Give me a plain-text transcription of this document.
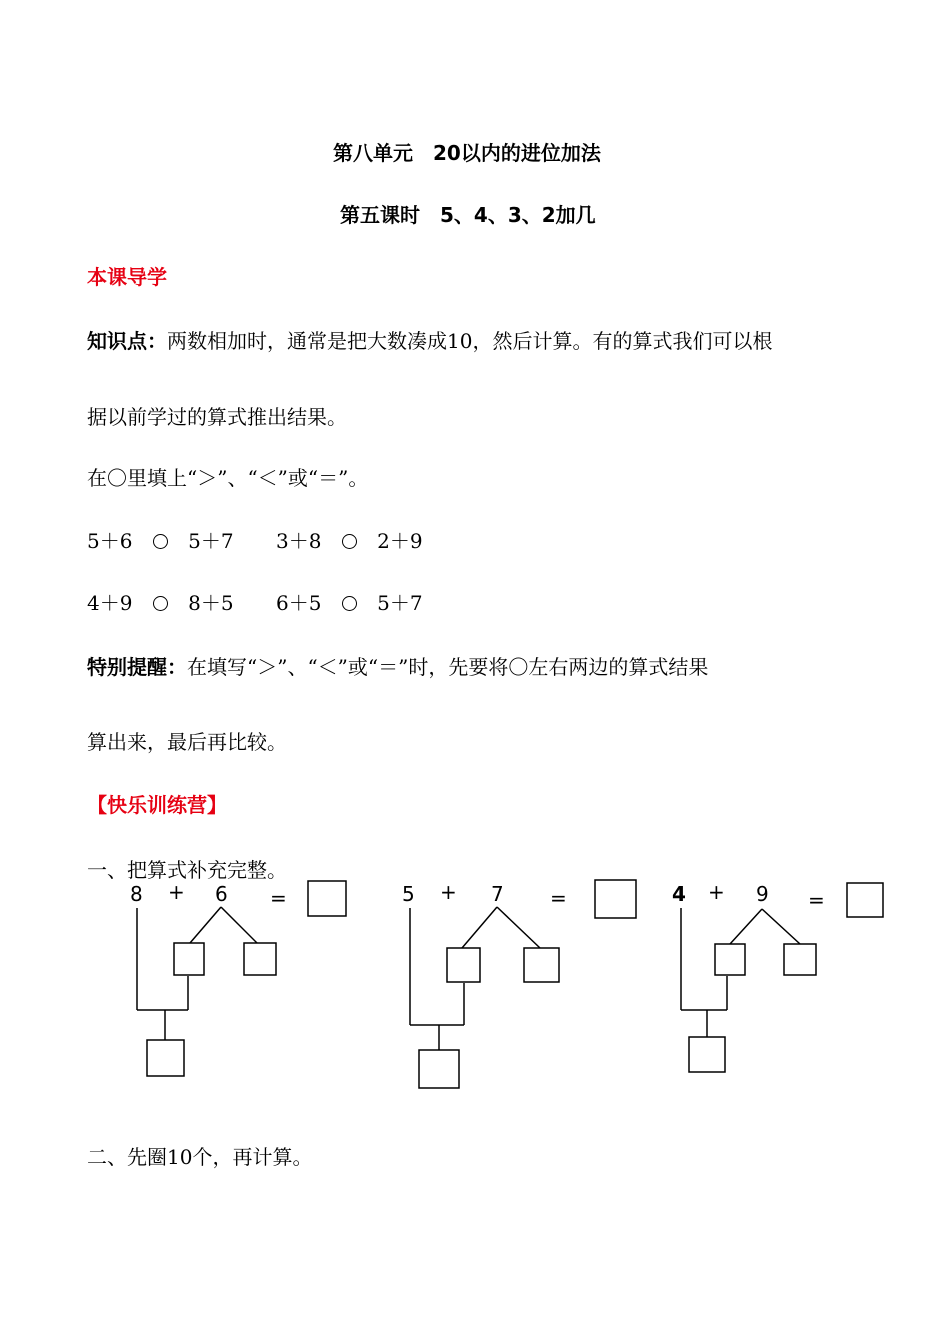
第八单元　20以内的进位加法
第五课时　5、4、3、2加几
本课导学
知识点：两数相加时，通常是把大数凑成10，然后计算。有的算式我们可以根
据以前学过的算式推出结果。
在〇里填上“＞”、“＜”或“＝”。
5＋6	5＋7 3＋8	2＋9
4＋9	8＋5 6＋5	5＋7
特别提醒：在填写“＞”、“＜”或“＝”时，先要将〇左右两边的算式结果
算出来，最后再比较。
【快乐训练营】
一、把算式补充完整。
8 + 6 =	5 + 7 =	4 + 9 =
二、先圈10个，再计算。
